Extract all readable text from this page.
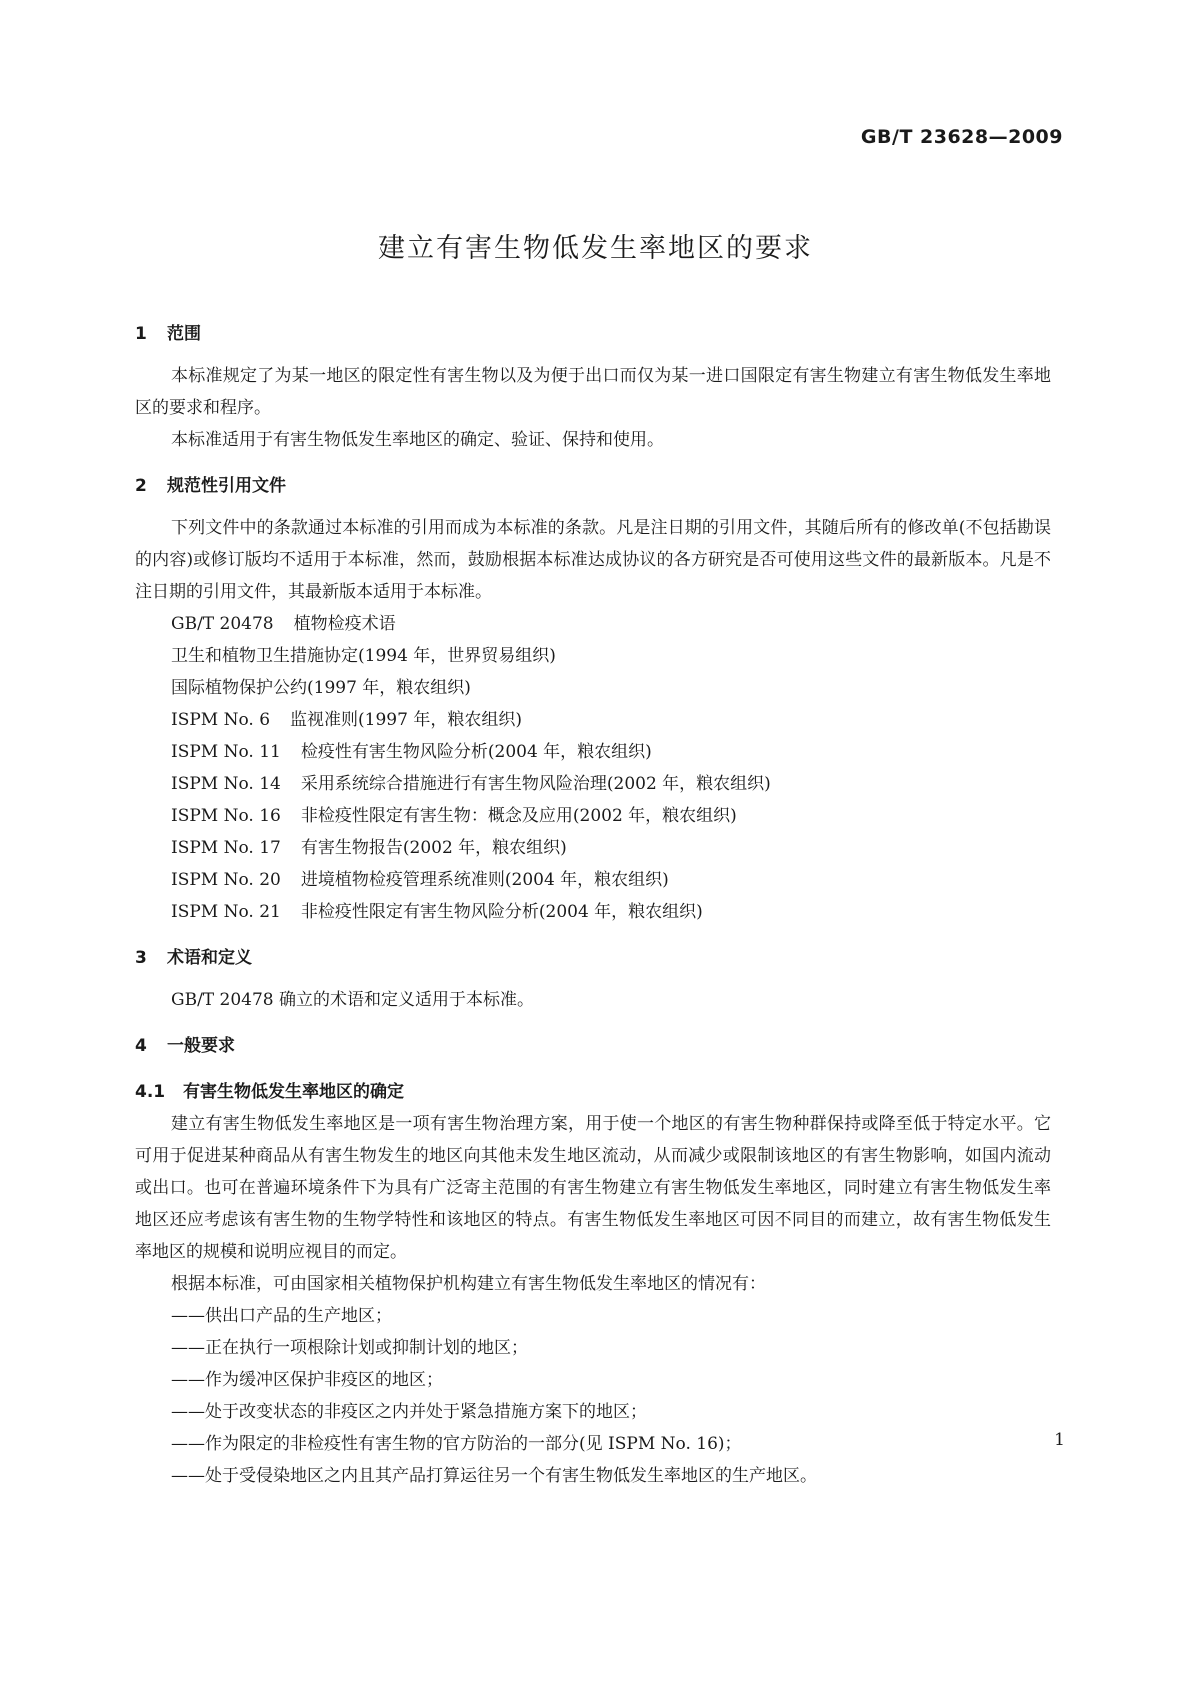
GB/T 23628—2009
建立有害生物低发生率地区的要求
1 范围

本标准规定了为某一地区的限定性有害生物以及为便于出口而仅为某一进口国限定有害生物建立有害生物低发生率地区的要求和程序。

本标准适用于有害生物低发生率地区的确定、验证、保持和使用。

2 规范性引用文件

下列文件中的条款通过本标准的引用而成为本标准的条款。凡是注日期的引用文件，其随后所有的修改单(不包括勘误的内容)或修订版均不适用于本标准，然而，鼓励根据本标准达成协议的各方研究是否可使用这些文件的最新版本。凡是不注日期的引用文件，其最新版本适用于本标准。

GB/T 20478 植物检疫术语
卫生和植物卫生措施协定(1994 年，世界贸易组织)
国际植物保护公约(1997 年，粮农组织)
ISPM No. 6 监视准则(1997 年，粮农组织)
ISPM No. 11 检疫性有害生物风险分析(2004 年，粮农组织)
ISPM No. 14 采用系统综合措施进行有害生物风险治理(2002 年，粮农组织)
ISPM No. 16 非检疫性限定有害生物：概念及应用(2002 年，粮农组织)
ISPM No. 17 有害生物报告(2002 年，粮农组织)
ISPM No. 20 进境植物检疫管理系统准则(2004 年，粮农组织)
ISPM No. 21 非检疫性限定有害生物风险分析(2004 年，粮农组织)
3 术语和定义

GB/T 20478 确立的术语和定义适用于本标准。

4 一般要求
4.1 有害生物低发生率地区的确定

建立有害生物低发生率地区是一项有害生物治理方案，用于使一个地区的有害生物种群保持或降至低于特定水平。它可用于促进某种商品从有害生物发生的地区向其他未发生地区流动，从而减少或限制该地区的有害生物影响，如国内流动或出口。也可在普遍环境条件下为具有广泛寄主范围的有害生物建立有害生物低发生率地区，同时建立有害生物低发生率地区还应考虑该有害生物的生物学特性和该地区的特点。有害生物低发生率地区可因不同目的而建立，故有害生物低发生率地区的规模和说明应视目的而定。

根据本标准，可由国家相关植物保护机构建立有害生物低发生率地区的情况有：

——供出口产品的生产地区；
——正在执行一项根除计划或抑制计划的地区；
——作为缓冲区保护非疫区的地区；
——处于改变状态的非疫区之内并处于紧急措施方案下的地区；
——作为限定的非检疫性有害生物的官方防治的一部分(见 ISPM No. 16)；
——处于受侵染地区之内且其产品打算运往另一个有害生物低发生率地区的生产地区。
1
